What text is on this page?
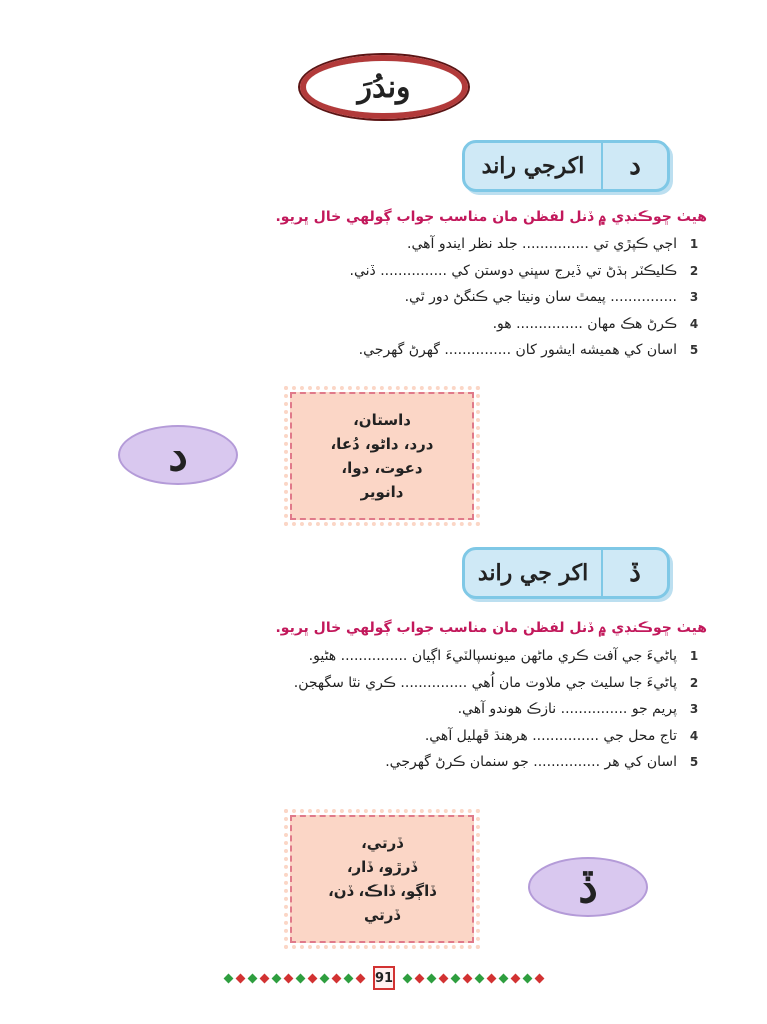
وندُرَ
د
اکرجي راند
هيٺ ڇوڪنڊي ۾ ڏنل لفظن مان مناسب جواب ڳولهي خال ڀريو.
1
اڄي ڪپڙي تي ............... جلد نظر ايندو آهي.
2
ڪليڪٽر ٻڌڻ تي ڏيرج سڀني دوستن کي ............... ڏني.
3
............... پيمٿ سان ونيتا جي ڪنگڻ دور ٿي.
4
ڪرڻ هڪ مهان ............... هو.
5
اسان کي هميشه ايشور کان ............... گهرڻ گهرجي.
داستان،
درد، داڻو، دُعا،
دعوت، دوا،
دانوير
د
ڏ
اکر جي راند
هيٺ ڇوڪنڊي ۾ ڏنل لفظن مان مناسب جواب ڳولهي خال ڀريو.
1
پاڻيءَ جي آفت ڪري ماڻهن ميونسپالٽيءَ اڳيان ............... هڻيو.
2
پاڻيءَ جا سليٽ جي ملاوت مان اُهي ............... ڪري نٿا سگهجن.
3
پريم جو ............... نازڪ هوندو آهي.
4
تاج محل جي ............... هرهنڌ ڦهليل آهي.
5
اسان کي هر ............... جو سنمان ڪرڻ گهرجي.
ڏرتي،
ڏرڙو، ڏار،
ڏاڳو، ڏاڪ، ڏن،
ڏرتي
ڏ
91
